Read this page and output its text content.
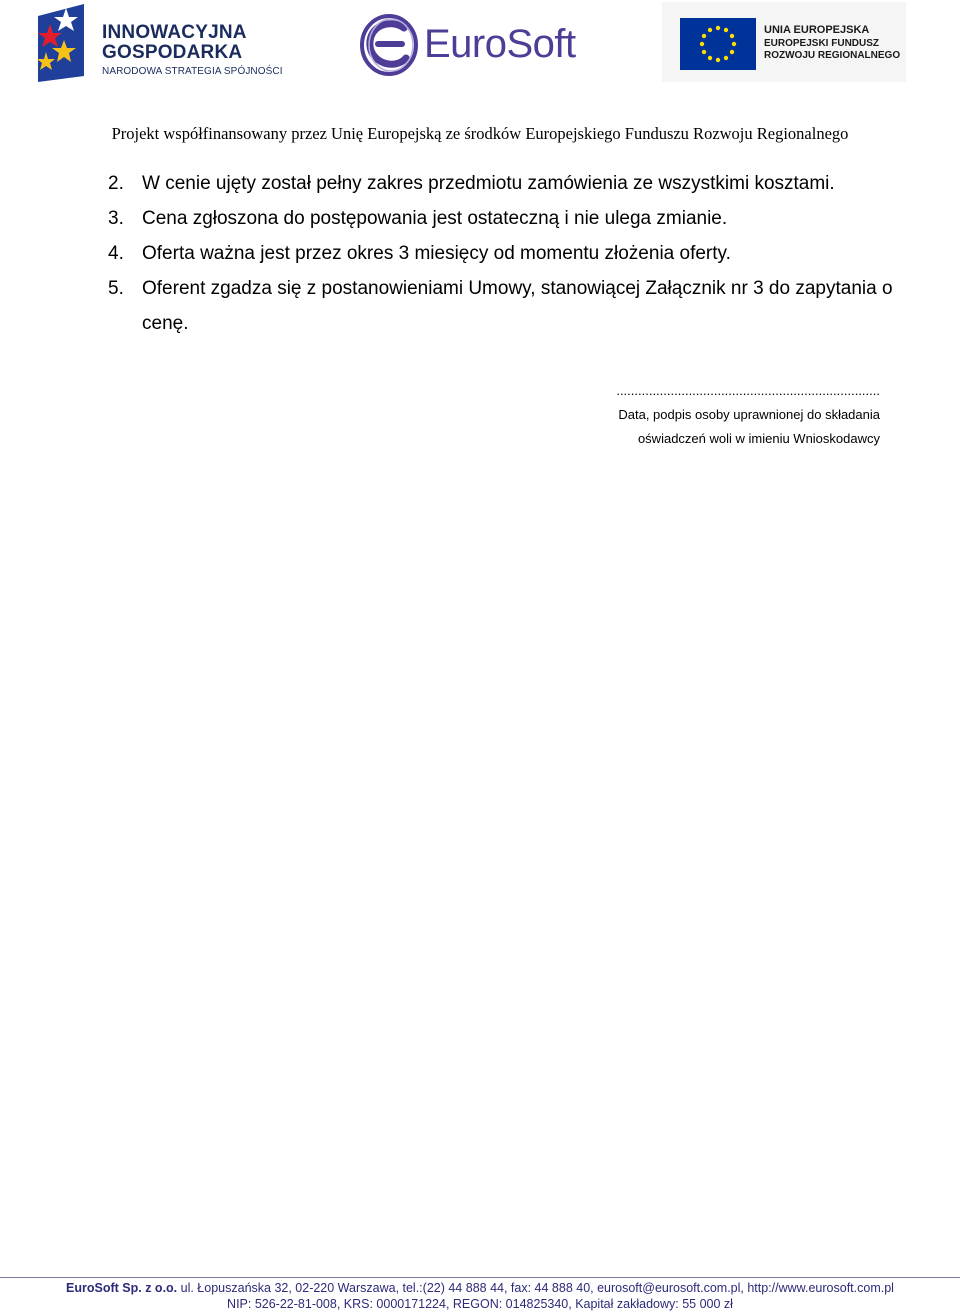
INNOWACYJNA
GOSPODARKA
NARODOWA STRATEGIA SPÓJNOŚCI
EuroSoft	UNIA EUROPEJSKA
EUROPEJSKI FUNDUSZ
ROZWOJU REGIONALNEGO
Projekt współfinansowany przez Unię Europejską ze środków Europejskiego Funduszu Rozwoju Regionalnego
2. W cenie ujęty został pełny zakres przedmiotu zamówienia ze wszystkimi kosztami.
3. Cena zgłoszona do postępowania jest ostateczną i nie ulega zmianie.
4. Oferta ważna jest przez okres 3 miesięcy od momentu złożenia oferty.
5. Oferent zgadza się z postanowieniami Umowy, stanowiącej Załącznik nr 3 do zapytania o cenę.
.........................................................................
Data, podpis osoby uprawnionej do składania
oświadczeń woli w imieniu Wnioskodawcy
EuroSoft Sp. z o.o. ul. Łopuszańska 32, 02-220 Warszawa, tel.:(22) 44 888 44, fax: 44 888 40, eurosoft@eurosoft.com.pl, http://www.eurosoft.com.pl
NIP: 526-22-81-008, KRS: 0000171224, REGON: 014825340, Kapitał zakładowy: 55 000 zł
